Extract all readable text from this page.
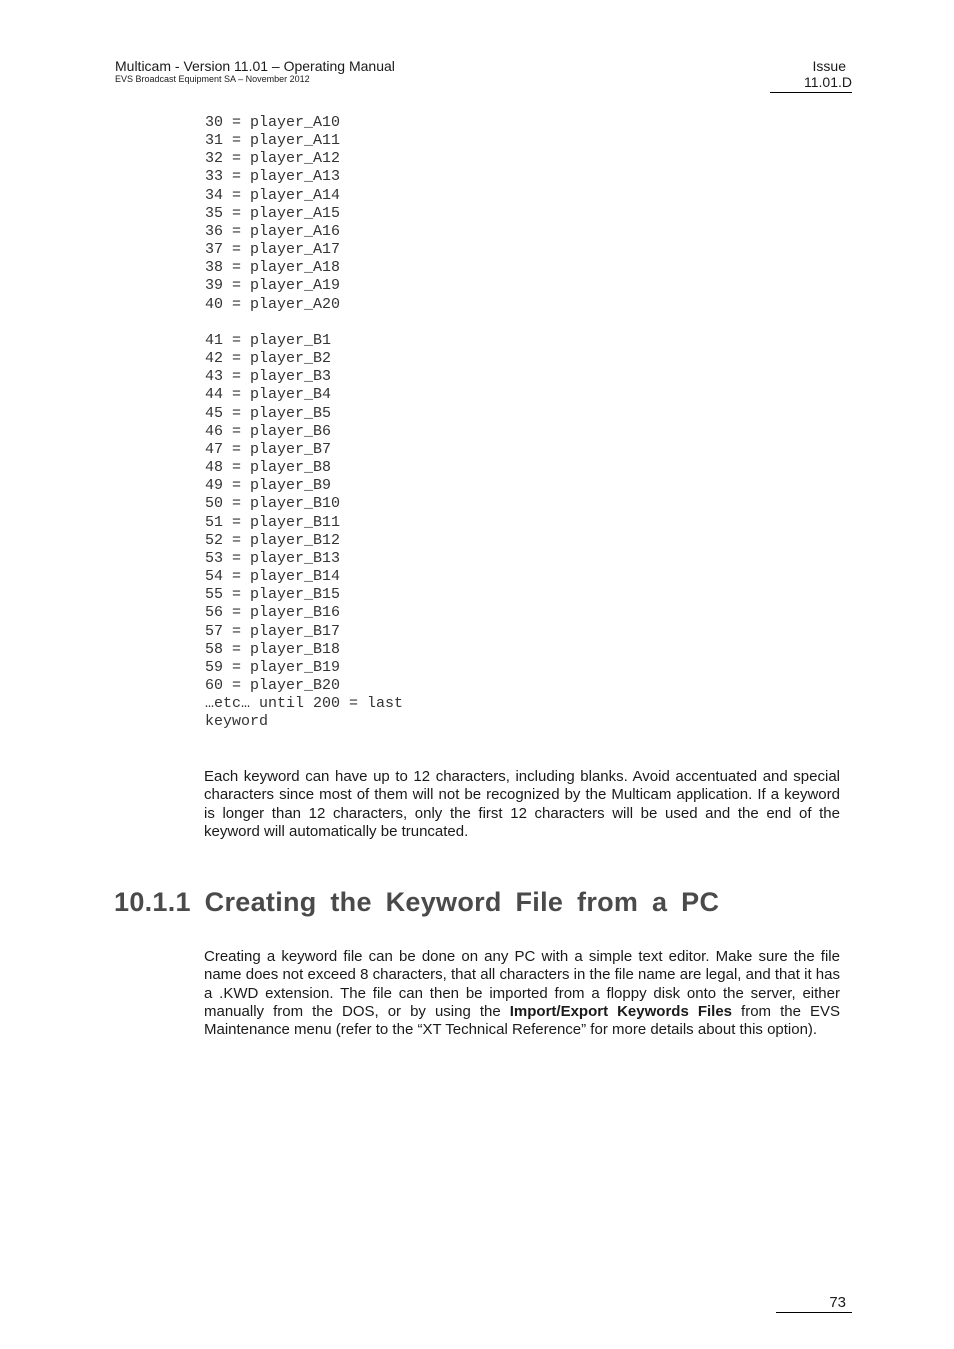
Multicam - Version 11.01 – Operating Manual
EVS Broadcast Equipment SA – November 2012
Issue
11.01.D
30 = player_A10
31 = player_A11
32 = player_A12
33 = player_A13
34 = player_A14
35 = player_A15
36 = player_A16
37 = player_A17
38 = player_A18
39 = player_A19
40 = player_A20
41 = player_B1
42 = player_B2
43 = player_B3
44 = player_B4
45 = player_B5
46 = player_B6
47 = player_B7
48 = player_B8
49 = player_B9
50 = player_B10
51 = player_B11
52 = player_B12
53 = player_B13
54 = player_B14
55 = player_B15
56 = player_B16
57 = player_B17
58 = player_B18
59 = player_B19
60 = player_B20
…etc… until 200 = last
keyword

Each keyword can have up to 12 characters, including blanks. Avoid accentuated and special characters since most of them will not be recognized by the Multicam application. If a keyword is longer than 12 characters, only the first 12 characters will be used and the end of the keyword will automatically be truncated.

10.1.1 Creating the Keyword File from a PC

Creating a keyword file can be done on any PC with a simple text editor. Make sure the file name does not exceed 8 characters, that all characters in the file name are legal, and that it has a .KWD extension. The file can then be imported from a floppy disk onto the server, either manually from the DOS, or by using the Import/Export Keywords Files from the EVS Maintenance menu (refer to the “XT Technical Reference” for more details about this option).

73
